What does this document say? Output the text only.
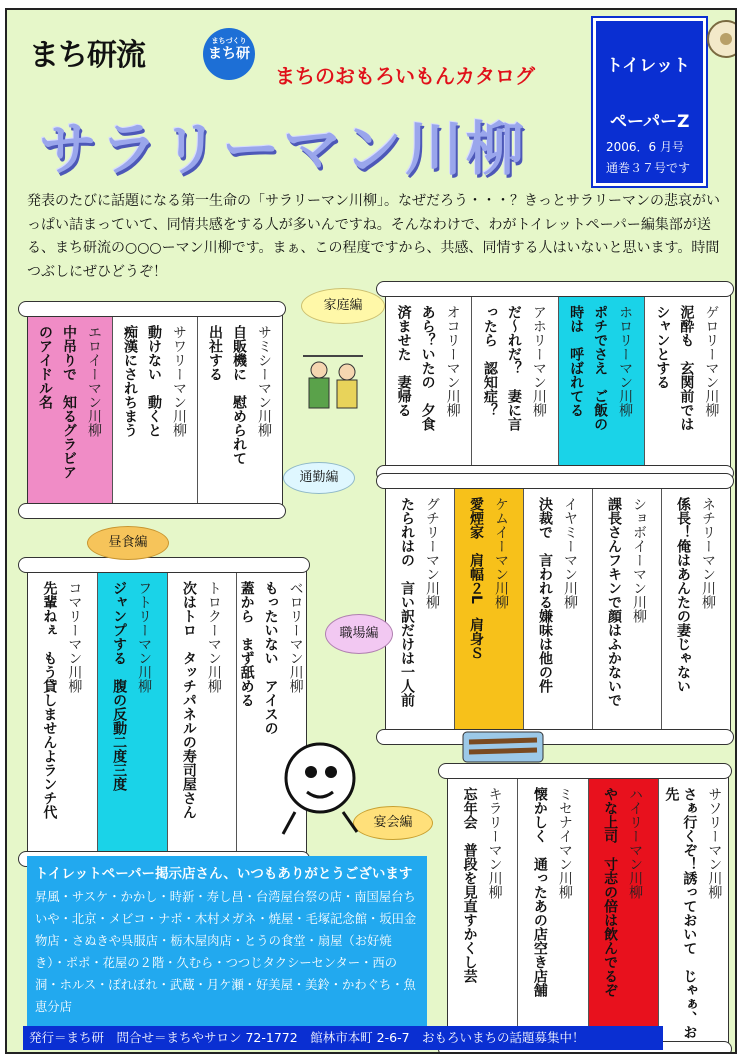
まち研流	まちづくり
まち研
まちのおもろいもんカタログ
サラリーマン川柳
トイレット
ペーパーZ
2006．6 月号
通巻３７号です

発表のたびに話題になる第一生命の「サラリーマン川柳」。なぜだろう・・・？きっとサラリーマンの悲哀がいっぱい詰まっていて、同情共感をする人が多いんですね。そんなわけで、わがトイレットペーパー編集部が送る、まち研流の○○○ーマン川柳です。まぁ、この程度ですから、共感、同情する人はいないと思います。時間つぶしにぜひどうぞ！

ゲロリーマン川柳
泥酔も　玄関前では
シャンとする
ホロリーマン川柳
ポチでさえ　ご飯の
時は　呼ばれてる
アホリーマン川柳
だ～れだ？　妻に言
ったら　認知症？
オコリーマン川柳
あら？いたの　夕食
済ませた　妻帰る
家庭編
サミシーマン川柳
自販機に　慰められて
出社する
サワリーマン川柳
動けない　動くと
痴漢にされちまう
エロイーマン川柳
中吊りで　知るグラビア
のアイドル名
通勤編
ネチリーマン川柳
係長！俺はあんたの妻じゃない
ショボイーマン川柳
課長さんフキンで顔はふかないで
イヤミーマン川柳
決裁で　言われる嫌味は他の件
ケムイーマン川柳
愛煙家　肩幅２L　肩身Ｓ
グチリーマン川柳
たられはの　言い訳だけは一人前
職場編
ベロリーマン川柳
もったいない　アイスの
蓋から　まず舐める
トロクーマン川柳
次はトロ　タッチパネルの寿司屋さん
フトリーマン川柳
ジャンプする　腹の反動二度三度
コマリーマン川柳
先輩ねぇ　もう貸しませんよランチ代
昼食編
サソリーマン川柳
さぁ行くぞ！誘っておいて　じゃぁ、お先
ハイリーマン川柳
やな上司　寸志の倍は飲んでるぞ
ミセナイマン川柳
懐かしく　通ったあの店空き店舗
キラリーマン川柳
忘年会　普段を見直すかくし芸
宴会編
トイレットペーパー掲示店さん、いつもありがとうございます
昇風・サスケ・かかし・時新・寿し昌・台湾屋台祭の店・南国屋台ちいや・北京・メビコ・ナポ・木村メガネ・焼屋・毛塚記念館・坂田金物店・さぬきや呉服店・栃木屋肉店・とうの食堂・扇屋（お好焼き）・ポポ・花屋の２階・久むら・つつじタクシーセンター・西の洞・ホルス・ぽれぽれ・武蔵・月ケ瀬・好美屋・美鈴・かわぐち・魚恵分店
発行＝まち研　問合せ＝まちやサロン 72-1772　館林市本町 2-6-7　おもろいまちの話題募集中！
